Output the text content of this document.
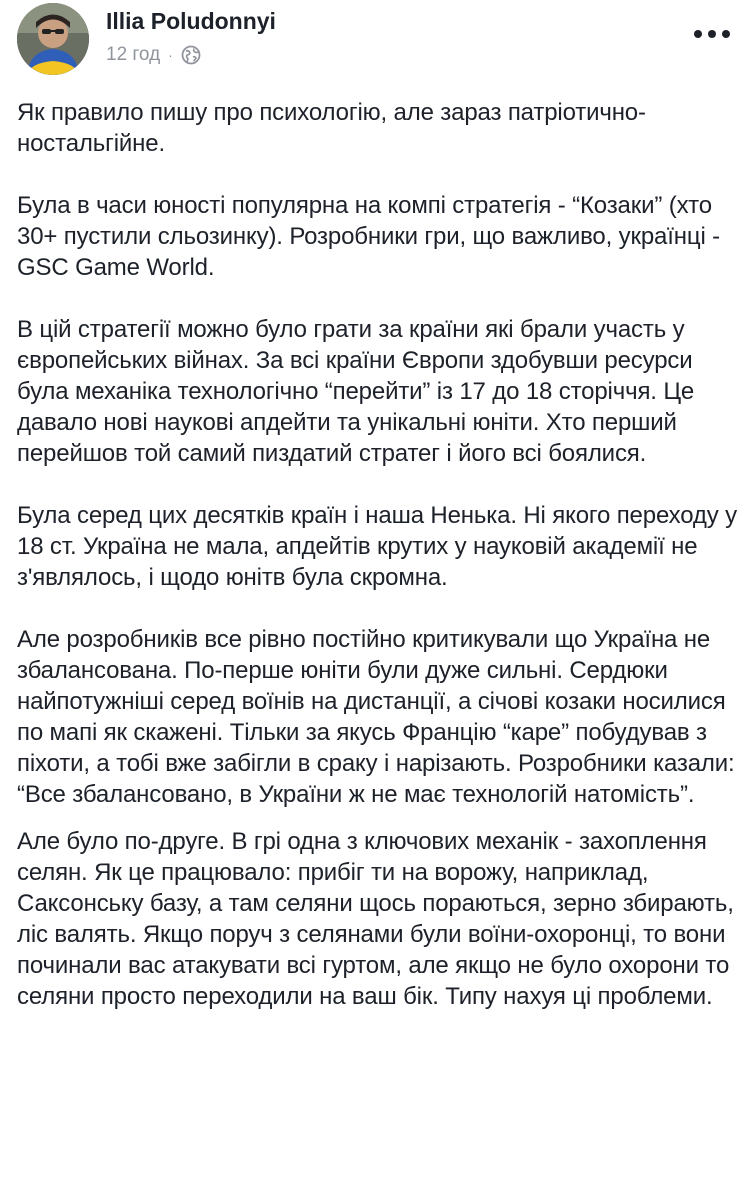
Illia Poludonnyi
12 год ·

Як правило пишу про психологію, але зараз патріотично-ностальгійне.

Була в часи юності популярна на компі стратегія - “Козаки” (хто 30+ пустили сльозинку). Розробники гри, що важливо, українці - GSC Game World.

В цій стратегії можно було грати за країни які брали участь у європейських війнах. За всі країни Європи здобувши ресурси була механіка технологічно “перейти” із 17 до 18 сторіччя. Це давало нові наукові апдейти та унікальні юніти. Хто перший перейшов той самий пиздатий стратег і його всі боялися.

Була серед цих десятків країн і наша Ненька. Ні якого переходу у 18 ст. Україна не мала, апдейтів крутих у науковій академії не з'являлось, і щодо юнітв була скромна.

Але розробників все рівно постійно критикували що Україна не збалансована. По-перше юніти були дуже сильні. Сердюки найпотужніші серед воїнів на дистанції, а січові козаки носилися по мапі як скажені. Тільки за якусь Францію “каре” побудував з піхоти, а тобі вже забігли в сраку і нарізають. Розробники казали: “Все збалансовано, в України ж не має технологій натомість”.

Але було по-друге. В грі одна з ключових механік - захоплення селян. Як це працювало: прибіг ти на ворожу, наприклад, Саксонську базу, а там селяни щось пораються, зерно збирають, ліс валять. Якщо поруч з селянами були воїни-охоронці, то вони починали вас атакувати всі гуртом, але якщо не було охорони то селяни просто переходили на ваш бік. Типу нахуя ці проблеми.
